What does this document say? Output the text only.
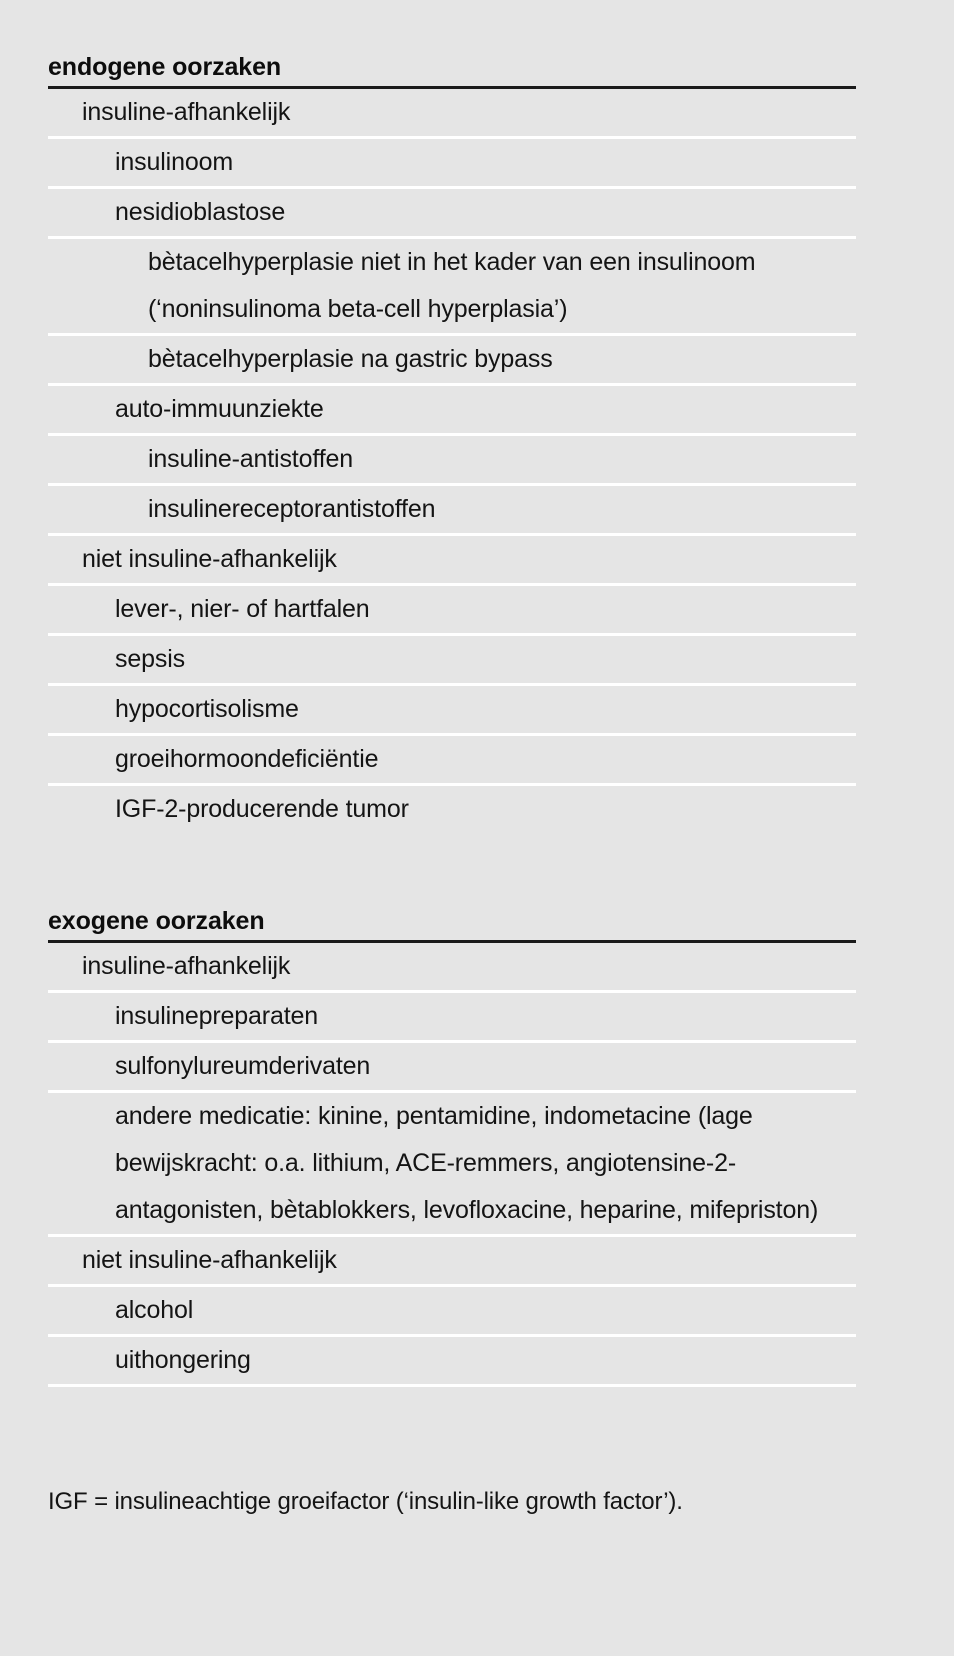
endogene oorzaken
insuline-afhankelijk
insulinoom
nesidioblastose
bètacelhyperplasie niet in het kader van een insulinoom (‘noninsulinoma beta-cell hyperplasia’)
bètacelhyperplasie na gastric bypass
auto-immuunziekte
insuline-antistoffen
insulinereceptorantistoffen
niet insuline-afhankelijk
lever-, nier- of hartfalen
sepsis
hypocortisolisme
groeihormoondeficiëntie
IGF-2-producerende tumor
exogene oorzaken
insuline-afhankelijk
insulinepreparaten
sulfonylureumderivaten
andere medicatie: kinine, pentamidine, indometacine (lage bewijskracht: o.a. lithium, ACE-remmers, angiotensine-2-antagonisten, bètablokkers, levofloxacine, heparine, mifepriston)
niet insuline-afhankelijk
alcohol
uithongering
IGF = insulineachtige groeifactor (‘insulin-like growth factor’).
